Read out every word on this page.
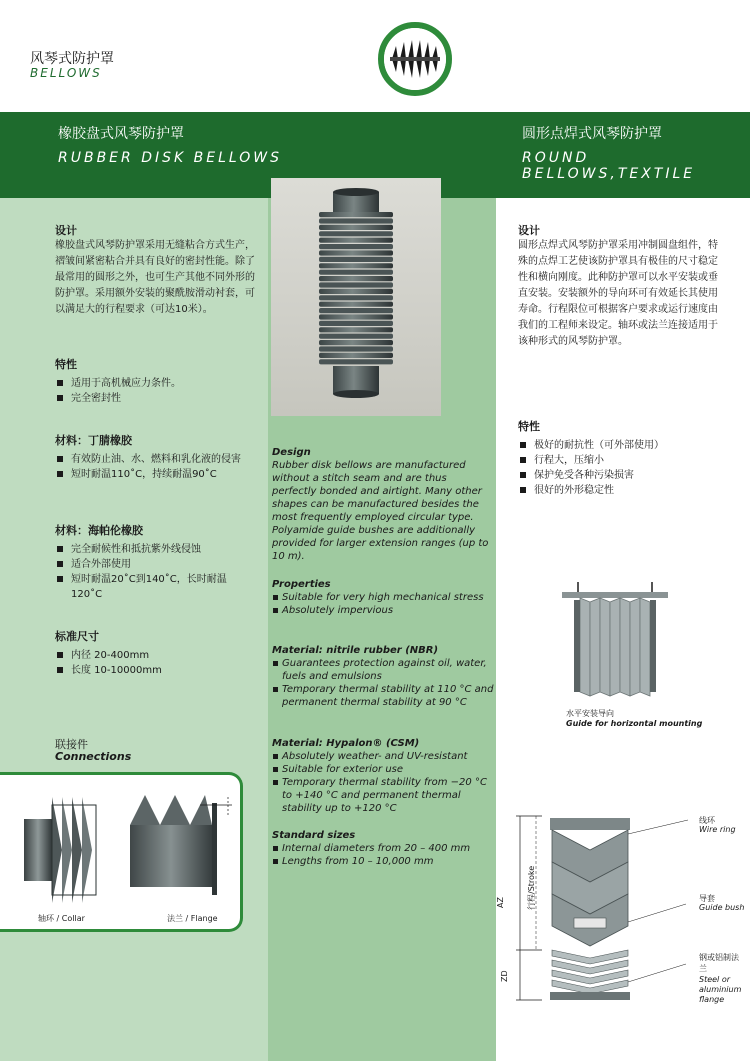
风琴式防护罩
BELLOWS
橡胶盘式风琴防护罩
RUBBER DISK BELLOWS
圆形点焊式风琴防护罩
ROUND BELLOWS,TEXTILE
设计
橡胶盘式风琴防护罩采用无缝粘合方式生产，褶皱间紧密粘合并具有良好的密封性能。除了最常用的圆形之外，也可生产其他不同外形的防护罩。采用额外安装的聚酰胺滑动衬套，可以满足大的行程要求（可达10米）。
特性
适用于高机械应力条件。
完全密封性
材料：丁腈橡胶
有效防止油、水、燃料和乳化液的侵害
短时耐温110˚C，持续耐温90˚C
材料：海帕伦橡胶
完全耐候性和抵抗紫外线侵蚀
适合外部使用
短时耐温20˚C到140˚C，长时耐温120˚C
标准尺寸
内径 20-400mm
长度 10-10000mm
联接件
Connections
轴环 / Collar	法兰 / Flange
Design
Rubber disk bellows are manufactured without a stitch seam and are thus perfectly bonded and airtight. Many other shapes can be manufactured besides the most frequently employed circular type. Polyamide guide bushes are additionally provided for larger extension ranges (up to 10 m).
Properties
Suitable for very high mechanical stress
Absolutely impervious
Material: nitrile rubber (NBR)
Guarantees protection against oil, water, fuels and emulsions
Temporary thermal stability at 110 °C and permanent thermal stability at 90 °C
Material: Hypalon® (CSM)
Absolutely weather- and UV-resistant
Suitable for exterior use
Temporary thermal stability from −20 °C to +140 °C and permanent thermal stability up to +120 °C
Standard sizes
Internal diameters from 20 – 400 mm
Lengths from 10 – 10,000 mm
设计
圆形点焊式风琴防护罩采用冲制圆盘组件，特殊的点焊工艺使该防护罩具有极佳的尺寸稳定性和横向刚度。此种防护罩可以水平安装或垂直安装。安装额外的导向环可有效延长其使用寿命。行程限位可根据客户要求或运行速度由我们的工程师来设定。轴环或法兰连接适用于该种形式的风琴防护罩。
特性
极好的耐抗性（可外部使用）
行程大，压缩小
保护免受各种污染损害
很好的外形稳定性
水平安装导向
Guide for horizontal mounting
线环
Wire ring
导套
Guide bush
钢或铝制法兰
Steel or
aluminium
flange
AZ
ZD
行程/Stroke
